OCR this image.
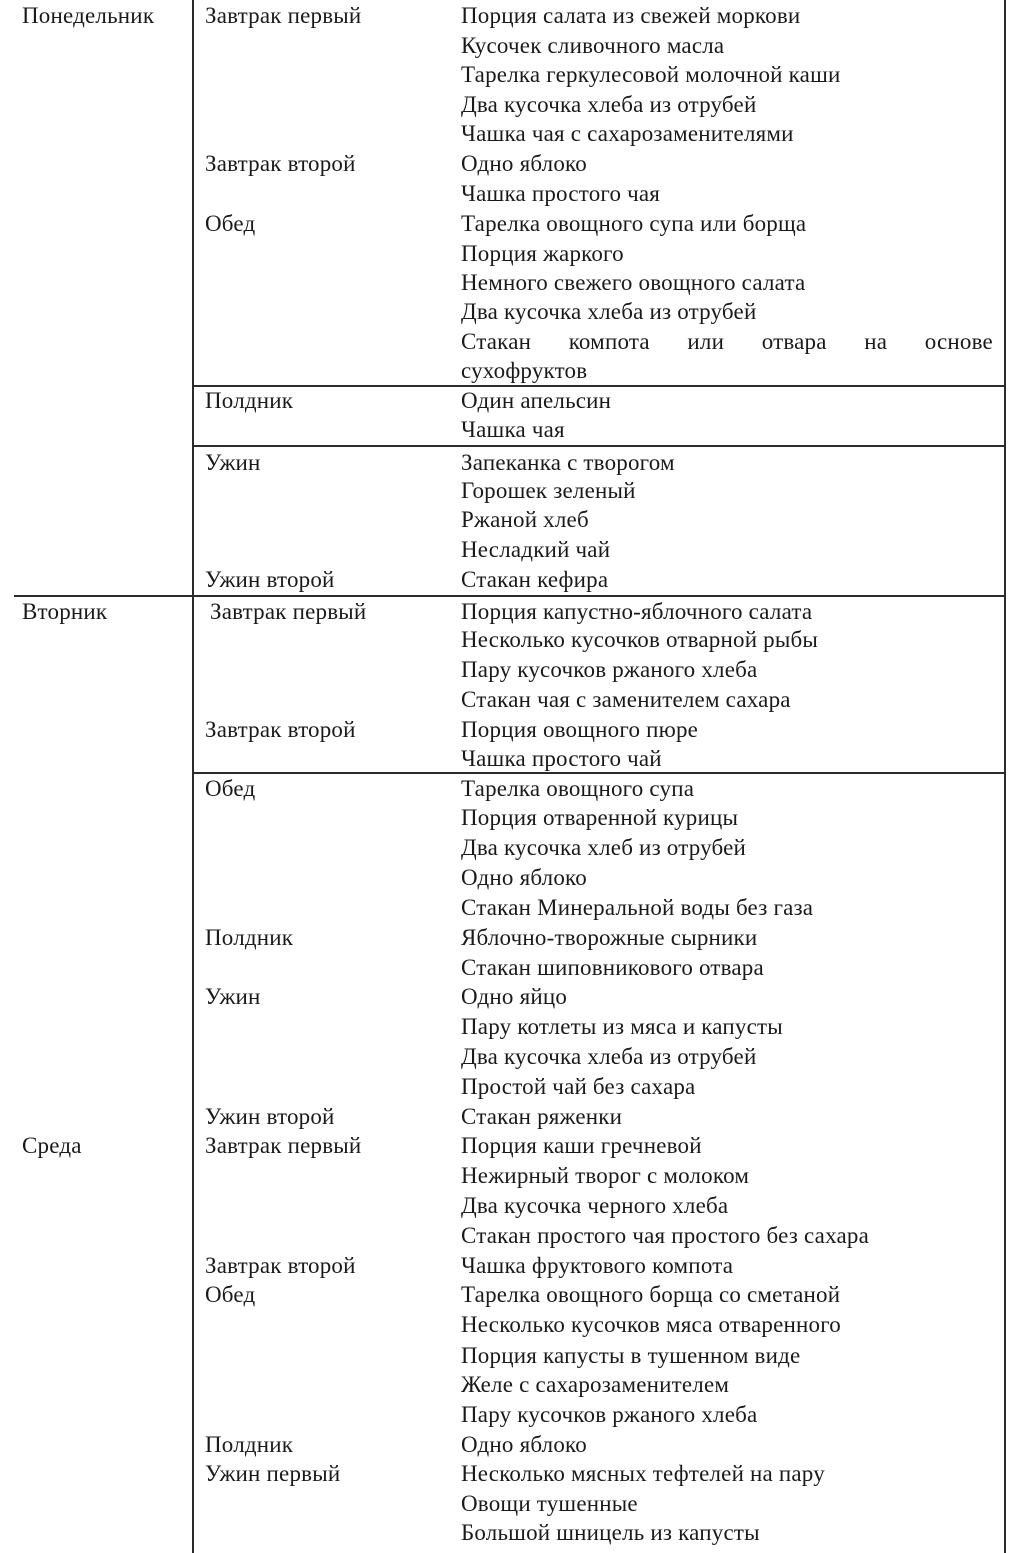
Понедельник
Вторник
Среда
Завтрак первый
Завтрак второй
Обед
Полдник
Ужин
Ужин второй
Завтрак первый
Завтрак второй
Обед
Полдник
Ужин
Ужин второй
Завтрак первый
Завтрак второй
Обед
Полдник
Ужин первый
Порция салата из свежей моркови
Кусочек сливочного масла
Тарелка геркулесовой молочной каши
Два кусочка хлеба из отрубей
Чашка чая с сахарозаменителями
Одно яблоко
Чашка простого чая
Тарелка овощного супа или борща
Порция жаркого
Немного свежего овощного салата
Два кусочка хлеба из отрубей
Стакан компота или отвара на основе
сухофруктов
Один апельсин
Чашка чая
Запеканка с творогом
Горошек зеленый
Ржаной хлеб
Несладкий чай
Стакан кефира
Порция капустно-яблочного салата
Несколько кусочков отварной рыбы
Пару кусочков ржаного хлеба
Стакан чая с заменителем сахара
Порция овощного пюре
Чашка простого чай
Тарелка овощного супа
Порция отваренной курицы
Два кусочка хлеб из отрубей
Одно яблоко
Стакан Минеральной воды без газа
Яблочно-творожные сырники
Стакан шиповникового отвара
Одно яйцо
Пару котлеты из мяса и капусты
Два кусочка хлеба из отрубей
Простой чай без сахара
Стакан ряженки
Порция каши гречневой
Нежирный творог с молоком
Два кусочка черного хлеба
Стакан простого чая простого без сахара
Чашка фруктового компота
Тарелка овощного борща со сметаной
Несколько кусочков мяса отваренного
Порция капусты в тушенном виде
Желе с сахарозаменителем
Пару кусочков ржаного хлеба
Одно яблоко
Несколько мясных тефтелей на пару
Овощи тушенные
Большой шницель из капусты
